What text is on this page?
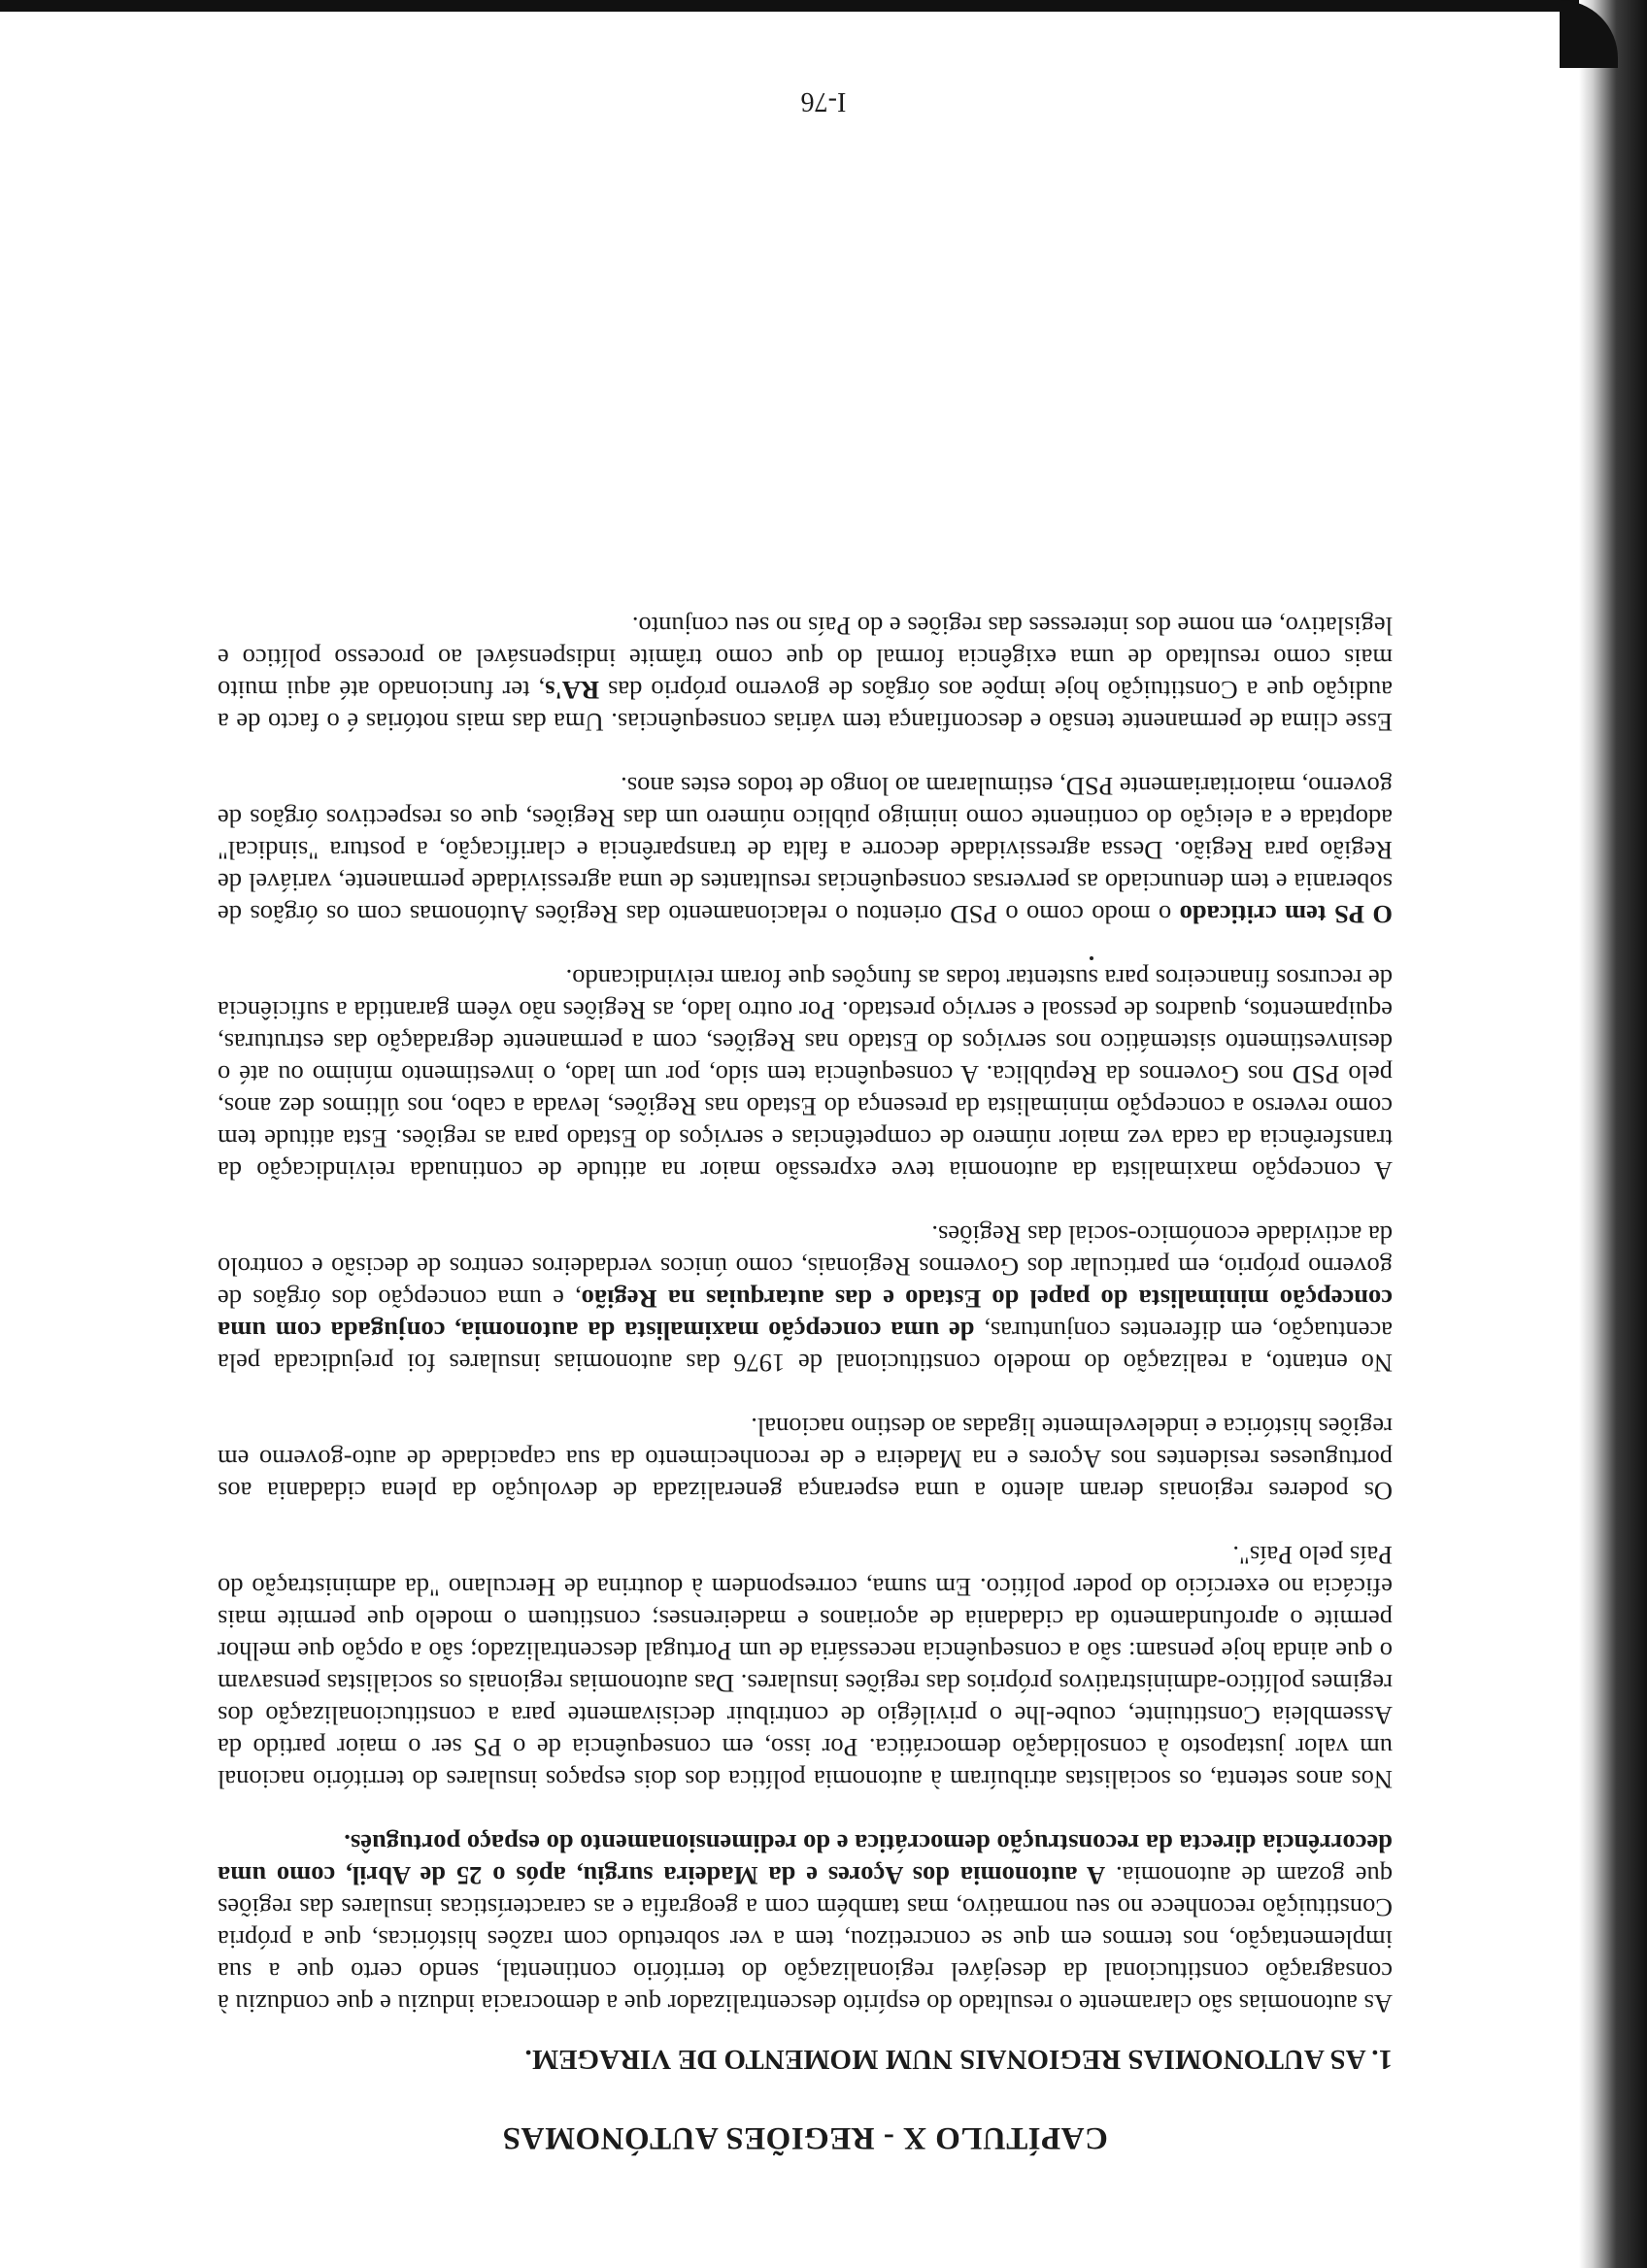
CAPÍTULO X - REGIÕES AUTÓNOMAS
1. AS AUTONOMIAS REGIONAIS NUM MOMENTO DE VIRAGEM.

As autonomias são claramente o resultado do espírito descentralizador que a democracia induziu e que conduziu à consagração constitucional da desejável regionalização do território continental, sendo certo que a sua implementação, nos termos em que se concretizou, tem a ver sobretudo com razões históricas, que a própria Constituição reconhece no seu normativo, mas também com a geografia e as características insulares das regiões que gozam de autonomia. A autonomia dos Açores e da Madeira surgiu, após o 25 de Abril, como uma decorrência directa da reconstrução democrática e do redimensionamento do espaço português.

Nos anos setenta, os socialistas atribuíram à autonomia política dos dois espaços insulares do território nacional um valor justaposto à consolidação democrática. Por isso, em consequência de o PS ser o maior partido da Assembleia Constituinte, coube-lhe o privilégio de contribuir decisivamente para a constitucionalização dos regimes político-administrativos próprios das regiões insulares. Das autonomias regionais os socialistas pensavam o que ainda hoje pensam: são a consequência necessária de um Portugal descentralizado; são a opção que melhor permite o aprofundamento da cidadania de açorianos e madeirenses; constituem o modelo que permite mais eficácia no exercício do poder político. Em suma, correspondem à doutrina de Herculano "da administração do País pelo País".

Os poderes regionais deram alento a uma esperança generalizada de devolução da plena cidadania aos portugueses residentes nos Açores e na Madeira e de reconhecimento da sua capacidade de auto-governo em regiões histórica e indelevelmente ligadas ao destino nacional.

No entanto, a realização do modelo constitucional de 1976 das autonomias insulares foi prejudicada pela acentuação, em diferentes conjunturas, de uma concepção maximalista da autonomia, conjugada com uma concepção minimalista do papel do Estado e das autarquias na Região, e uma concepção dos órgãos de governo próprio, em particular dos Governos Regionais, como únicos verdadeiros centros de decisão e controlo da actividade económico-social das Regiões.

A concepção maximalista da autonomia teve expressão maior na atitude de continuada reivindicação da transferência da cada vez maior número de competências e serviços do Estado para as regiões. Esta atitude tem como reverso a concepção minimalista da presença do Estado nas Regiões, levada a cabo, nos últimos dez anos, pelo PSD nos Governos da República. A consequência tem sido, por um lado, o investimento mínimo ou até o desinvestimento sistemático nos serviços do Estado nas Regiões, com a permanente degradação das estruturas, equipamentos, quadros de pessoal e serviço prestado. Por outro lado, as Regiões não vêem garantida a suficiência de recursos financeiros para sustentar todas as funções que foram reivindicando.

O PS tem criticado o modo como o PSD orientou o relacionamento das Regiões Autónomas com os órgãos de soberania e tem denunciado as perversas consequências resultantes de uma agressividade permanente, variável de Região para Região. Dessa agressividade decorre a falta de transparência e clarificação, a postura "sindical" adoptada e a eleição do continente como inimigo público número um das Regiões, que os respectivos órgãos de governo, maioritariamente PSD, estimularam ao longo de todos estes anos.

Esse clima de permanente tensão e desconfiança tem várias consequências. Uma das mais notórias é o facto de a audição que a Constituição hoje impõe aos órgãos de governo próprio das RA's, ter funcionado até aqui muito mais como resultado de uma exigência formal do que como trâmite indispensável ao processo político e legislativo, em nome dos interesses das regiões e do País no seu conjunto.

I-76
